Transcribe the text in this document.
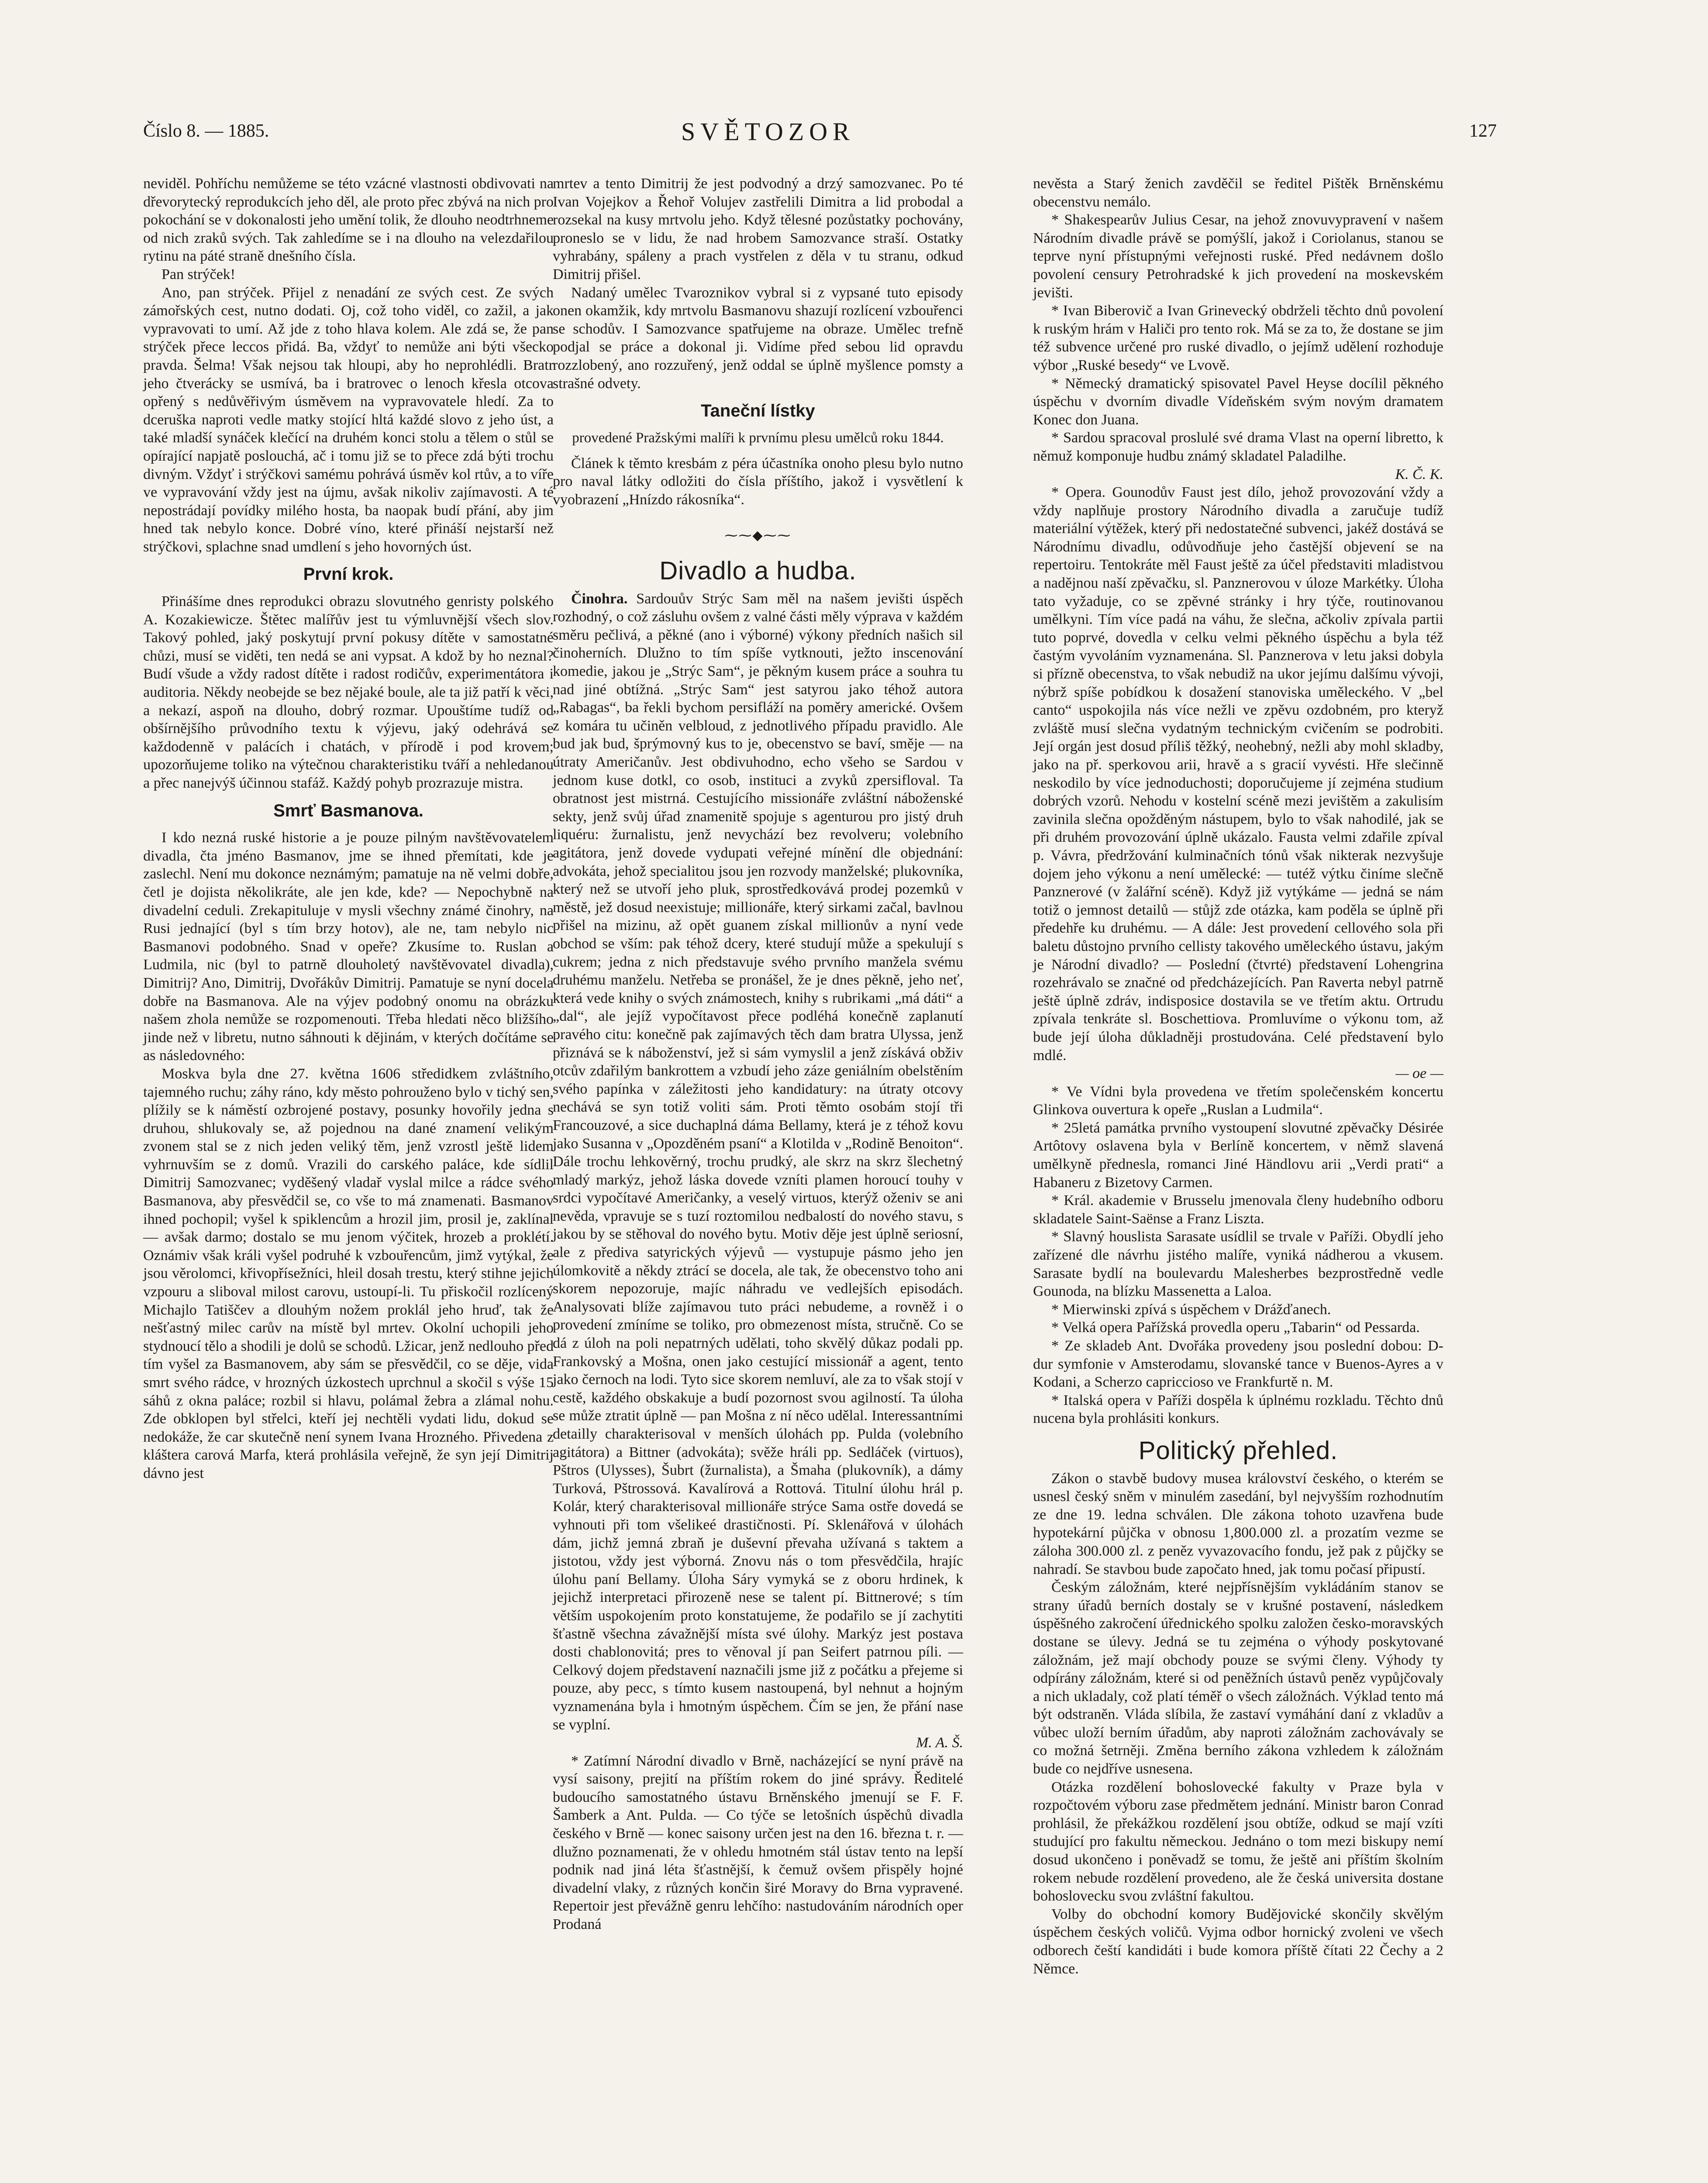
Číslo 8. — 1885.	SVĚTOZOR	127

neviděl. Pohříchu nemůžeme se této vzácné vlastnosti obdivovati na dřevorytecký reprodukcích jeho děl, ale proto přec zbývá na nich pro pokochání se v dokonalosti jeho umění tolik, že dlouho neodtrhneme od nich zraků svých. Tak zahledíme se i na dlouho na velezdařilou rytinu na páté straně dnešního čísla.

Pan strýček!

Ano, pan strýček. Přijel z nenadání ze svých cest. Ze svých zámořských cest, nutno dodati. Oj, což toho viděl, co zažil, a jak vypravovati to umí. Až jde z toho hlava kolem. Ale zdá se, že pan strýček přece leccos přidá. Ba, vždyť to nemůže ani býti všecko pravda. Šelma! Však nejsou tak hloupi, aby ho neprohlédli. Bratr jeho čtverácky se usmívá, ba i bratrovec o lenoch křesla otcova opřený s nedůvěřivým úsměvem na vypravovatele hledí. Za to dceruška naproti vedle matky stojící hltá každé slovo z jeho úst, a také mladší synáček klečící na druhém konci stolu a tělem o stůl se opírající napjatě poslouchá, ač i tomu již se to přece zdá býti trochu divným. Vždyť i strýčkovi samému pohrává úsměv kol rtův, a to víře ve vypravování vždy jest na újmu, avšak nikoliv zajímavosti. A té nepostrádají povídky milého hosta, ba naopak budí přání, aby jim hned tak nebylo konce. Dobré víno, které přináší nejstarší než strýčkovi, splachne snad umdlení s jeho hovorných úst.

První krok.

Přinášíme dnes reprodukci obrazu slovutného genristy polského A. Kozakiewicze. Štětec malířův jest tu výmluvnější všech slov. Takový pohled, jaký poskytují první pokusy dítěte v samostatné chůzi, musí se viděti, ten nedá se ani vypsat. A kdož by ho neznal? Budí všude a vždy radost dítěte i radost rodičův, experimentátora i auditoria. Někdy neobejde se bez nějaké boule, ale ta již patří k věci, a nekazí, aspoň na dlouho, dobrý rozmar. Upouštíme tudíž od obšírnějšího průvodního textu k výjevu, jaký odehrává se každodenně v palácích i chatách, v přírodě i pod krovem; upozorňujeme toliko na výtečnou charakteristiku tváří a nehledanou a přec nanejvýš účinnou stafáž. Každý pohyb prozrazuje mistra.

Smrť Basmanova.

I kdo nezná ruské historie a je pouze pilným navštěvovatelem divadla, čta jméno Basmanov, jme se ihned přemítati, kde je zaslechl. Není mu dokonce neznámým; pamatuje na ně velmi dobře, četl je dojista několikráte, ale jen kde, kde? — Nepochybně na divadelní ceduli. Zrekapituluje v mysli všechny známé činohry, na Rusi jednající (byl s tím brzy hotov), ale ne, tam nebylo nic Basmanovi podobného. Snad v opeře? Zkusíme to. Ruslan a Ludmila, nic (byl to patrně dlouholetý navštěvovatel divadla), Dimitrij? Ano, Dimitrij, Dvořákův Dimitrij. Pamatuje se nyní docela dobře na Basmanova. Ale na výjev podobný onomu na obrázku našem zhola nemůže se rozpomenouti. Třeba hledati něco bližšího jinde než v libretu, nutno sáhnouti k dějinám, v kterých dočítáme se as následovného:

Moskva byla dne 27. května 1606 středidkem zvláštního, tajemného ruchu; záhy ráno, kdy město pohrouženo bylo v tichý sen, plížily se k náměstí ozbrojené postavy, posunky hovořily jedna s druhou, shlukovaly se, až pojednou na dané znamení velikým zvonem stal se z nich jeden veliký těm, jenž vzrostl ještě lidem vyhrnuvším se z domů. Vrazili do carského paláce, kde sídlil Dimitrij Samozvanec; vyděšený vladař vyslal milce a rádce svého Basmanova, aby přesvědčil se, co vše to má znamenati. Basmanov ihned pochopil; vyšel k spiklencům a hrozil jim, prosil je, zaklínal — avšak darmo; dostalo se mu jenom výčitek, hrozeb a proklétí. Oznámiv však králi vyšel podruhé k vzbouřencům, jimž vytýkal, že jsou věrolomci, křivopřísežníci, hleil dosah trestu, který stihne jejich vzpouru a sliboval milost carovu, ustoupí-li. Tu přiskočil rozlícený Michajlo Tatiščev a dlouhým nožem proklál jeho hruď, tak že nešťastný milec carův na místě byl mrtev. Okolní uchopili jeho stydnoucí tělo a shodili je dolů se schodů. Lžicar, jenž nedlouho před tím vyšel za Basmanovem, aby sám se přesvědčil, co se děje, vida smrt svého rádce, v hrozných úzkostech uprchnul a skočil s výše 15 sáhů z okna paláce; rozbil si hlavu, polámal žebra a zlámal nohu. Zde obklopen byl střelci, kteří jej nechtěli vydati lidu, dokud se nedokáže, že car skutečně není synem Ivana Hrozného. Přivedena z kláštera carová Marfa, která prohlásila veřejně, že syn její Dimitrij dávno jest

mrtev a tento Dimitrij že jest podvodný a drzý samozvanec. Po té Ivan Vojejkov a Řehoř Volujev zastřelili Dimitra a lid probodal a rozsekal na kusy mrtvolu jeho. Když tělesné pozůstatky pochovány, proneslo se v lidu, že nad hrobem Samozvance straší. Ostatky vyhrabány, spáleny a prach vystřelen z děla v tu stranu, odkud Dimitrij přišel.

Nadaný umělec Tvaroznikov vybral si z vypsané tuto episody onen okamžik, kdy mrtvolu Basmanovu shazují rozlícení vzbouřenci se schodův. I Samozvance spatřujeme na obraze. Umělec trefně podjal se práce a dokonal ji. Vidíme před sebou lid opravdu rozzlobený, ano rozzuřený, jenž oddal se úplně myšlence pomsty a strašné odvety.

Taneční lístky
provedené Pražskými malíři k prvnímu plesu umělců roku 1844.

Článek k těmto kresbám z péra účastníka onoho plesu bylo nutno pro naval látky odložiti do čísla příštího, jakož i vysvětlení k vyobrazení „Hnízdo rákosníka“.

⁓⁓◆⁓⁓
Divadlo a hudba.

Činohra. Sardouův Strýc Sam měl na našem jevišti úspěch rozhodný, o což zásluhu ovšem z valné části měly výprava v každém směru pečlivá, a pěkné (ano i výborné) výkony předních našich sil činoherních. Dlužno to tím spíše vytknouti, ježto inscenování komedie, jakou je „Strýc Sam“, je pěkným kusem práce a souhra tu nad jiné obtížná. „Strýc Sam“ jest satyrou jako téhož autora „Rabagas“, ba řekli bychom persifláží na poměry americké. Ovšem z komára tu učiněn velbloud, z jednotlivého případu pravidlo. Ale bud jak bud, šprýmovný kus to je, obecenstvo se baví, směje — na útraty Američanův. Jest obdivuhodno, echo všeho se Sardou v jednom kuse dotkl, co osob, instituci a zvyků zpersifloval. Ta obratnost jest mistrná. Cestujícího missionáře zvláštní náboženské sekty, jenž svůj úřad znamenitě spojuje s agenturou pro jistý druh liquéru: žurnalistu, jenž nevychází bez revolveru; volebního agitátora, jenž dovede vydupati veřejné mínění dle objednání: advokáta, jehož specialitou jsou jen rozvody manželské; plukovníka, který než se utvoří jeho pluk, sprostředkovává prodej pozemků v městě, jež dosud neexistuje; millionáře, který sirkami začal, bavlnou přišel na mizinu, až opět guanem získal millionův a nyní vede obchod se vším: pak téhož dcery, které studují může a spekulují s cukrem; jedna z nich představuje svého prvního manžela svému druhému manželu. Netřeba se pronášel, že je dnes pěkně, jeho neť, která vede knihy o svých známostech, knihy s rubrikami „má dáti“ a „dal“, ale jejíž vypočítavost přece podléhá konečně zaplanutí pravého citu: konečně pak zajímavých těch dam bratra Ulyssa, jenž přiznává se k náboženství, jež si sám vymyslil a jenž získává obživ otcův zdařilým bankrottem a vzbudí jeho záze geniálním obelstěním svého papínka v záležitosti jeho kandidatury: na útraty otcovy nechává se syn totiž voliti sám. Proti těmto osobám stojí tři Francouzové, a sice duchaplná dáma Bellamy, která je z téhož kovu jako Susanna v „Opozděném psaní“ a Klotilda v „Rodině Benoiton“. Dále trochu lehkověrný, trochu prudký, ale skrz na skrz šlechetný mladý markýz, jehož láska dovede vzníti plamen horoucí touhy v srdci vypočítavé Američanky, a veselý virtuos, kterýž oženiv se ani nevěda, vpravuje se s tuzí roztomilou nedbalostí do nového stavu, s jakou by se stěhoval do nového bytu. Motiv děje jest úplně seriosní, ale z přediva satyrických výjevů — vystupuje pásmo jeho jen úlomkovitě a někdy ztrácí se docela, ale tak, že obecenstvo toho ani skorem nepozoruje, majíc náhradu ve vedlejších episodách. Analysovati blíže zajímavou tuto práci nebudeme, a rovněž i o provedení zmíníme se toliko, pro obmezenost místa, stručně. Co se dá z úloh na poli nepatrných udělati, toho skvělý důkaz podali pp. Frankovský a Mošna, onen jako cestující missionář a agent, tento jako černoch na lodi. Tyto sice skorem nemluví, ale za to však stojí v cestě, každého obskakuje a budí pozornost svou agilností. Ta úloha se může ztratit úplně — pan Mošna z ní něco udělal. Interessantními detailly charakterisoval v menších úlohách pp. Pulda (volebního agitátora) a Bittner (advokáta); svěže hráli pp. Sedláček (virtuos), Pštros (Ulysses), Šubrt (žurnalista), a Šmaha (plukovník), a dámy Turková, Pštrossová. Kavalírová a Rottová. Titulní úlohu hrál p. Kolár, který charakterisoval millionáře strýce Sama ostře dovedá se vyhnouti při tom všelikeé drastičnosti. Pí. Sklenářová v úlohách dám, jichž jemná zbraň je duševní převaha užívaná s taktem a jistotou, vždy jest výborná. Znovu nás o tom přesvědčila, hrajíc úlohu paní Bellamy. Úloha Sáry vymyká se z oboru hrdinek, k jejichž interpretaci přirozeně nese se talent pí. Bittnerové; s tím větším uspokojením proto konstatujeme, že podařilo se jí zachytiti šťastně všechna závažnější místa své úlohy. Markýz jest postava dosti chablonovitá; pres to věnoval jí pan Seifert patrnou píli. — Celkový dojem představení naznačili jsme již z počátku a přejeme si pouze, aby pecc, s tímto kusem nastoupená, byl nehnut a hojným vyznamenána byla i hmotným úspěchem. Čím se jen, že přání nase se vyplní.

M. A. Š.

* Zatímní Národní divadlo v Brně, nacházející se nyní právě na vysí saisony, prejití na příštím rokem do jiné správy. Ředitelé budoucího samostatného ústavu Brněnského jmenují se F. F. Šamberk a Ant. Pulda. — Co týče se letošních úspěchů divadla českého v Brně — konec saisony určen jest na den 16. března t. r. — dlužno poznamenati, že v ohledu hmotném stál ústav tento na lepší podnik nad jiná léta šťastnější, k čemuž ovšem přispěly hojné divadelní vlaky, z různých končin širé Moravy do Brna vypravené. Repertoir jest převážně genru lehčího: nastudováním národních oper Prodaná

nevěsta a Starý ženich zavděčil se ředitel Pištěk Brněnskému obecenstvu nemálo.

* Shakespearův Julius Cesar, na jehož znovuvypravení v našem Národním divadle právě se pomýšlí, jakož i Coriolanus, stanou se teprve nyní přístupnými veřejnosti ruské. Před nedávnem došlo povolení censury Petrohradské k jich provedení na moskevském jevišti.

* Ivan Biberovič a Ivan Grinevecký obdrželi těchto dnů povolení k ruským hrám v Haliči pro tento rok. Má se za to, že dostane se jim též subvence určené pro ruské divadlo, o jejímž udělení rozhoduje výbor „Ruské besedy“ ve Lvově.

* Německý dramatický spisovatel Pavel Heyse docílil pěkného úspěchu v dvorním divadle Vídeňském svým novým dramatem Konec don Juana.

* Sardou spracoval proslulé své drama Vlast na operní libretto, k němuž komponuje hudbu známý skladatel Paladilhe.

K. Č. K.

* Opera. Gounodův Faust jest dílo, jehož provozování vždy a vždy naplňuje prostory Národního divadla a zaručuje tudíž materiální výtěžek, který při nedostatečné subvenci, jakéž dostává se Národnímu divadlu, odůvodňuje jeho častější objevení se na repertoiru. Tentokráte měl Faust ještě za účel představiti mladistvou a nadějnou naší zpěvačku, sl. Panznerovou v úloze Markétky. Úloha tato vyžaduje, co se zpěvné stránky i hry týče, routinovanou umělkyni. Tím více padá na váhu, že slečna, ačkoliv zpívala partii tuto poprvé, dovedla v celku velmi pěkného úspěchu a byla též častým vyvoláním vyznamenána. Sl. Panznerova v letu jaksi dobyla si přízně obecenstva, to však nebudiž na ukor jejímu dalšímu vývoji, nýbrž spíše pobídkou k dosažení stanoviska uměleckého. V „bel canto“ uspokojila nás více nežli ve zpěvu ozdobném, pro kteryž zvláště musí slečna vydatným technickým cvičením se podrobiti. Její orgán jest dosud příliš těžký, neohebný, nežli aby mohl skladby, jako na př. sperkovou arii, hravě a s gracií vyvésti. Hře slečinně neskodilo by více jednoduchosti; doporučujeme jí zejména studium dobrých vzorů. Nehodu v kostelní scéně mezi jevištěm a zakulisím zavinila slečna opožděným nástupem, bylo to však nahodilé, jak se při druhém provozování úplně ukázalo. Fausta velmi zdařile zpíval p. Vávra, předržování kulminačních tónů však nikterak nezvyšuje dojem jeho výkonu a není umělecké: — tutéž výtku činíme slečně Panznerové (v žalářní scéně). Když již vytýkáme — jedná se nám totiž o jemnost detailů — stůjž zde otázka, kam poděla se úplně při předehře ku druhému. — A dále: Jest provedení cellového sola při baletu důstojno prvního cellisty takového uměleckého ústavu, jakým je Národní divadlo? — Poslední (čtvrté) představení Lohengrina rozehrávalo se značné od předcházejících. Pan Raverta nebyl patrně ještě úplně zdráv, indisposice dostavila se ve třetím aktu. Ortrudu zpívala tenkráte sl. Boschettiova. Promluvíme o výkonu tom, až bude její úloha důkladněji prostudována. Celé představení bylo mdlé.

— oe —

* Ve Vídni byla provedena ve třetím společenském koncertu Glinkova ouvertura k opeře „Ruslan a Ludmila“.

* 25letá památka prvního vystoupení slovutné zpěvačky Désirée Artôtovy oslavena byla v Berlíně koncertem, v němž slavená umělkyně přednesla, romanci Jiné Händlovu arii „Verdi prati“ a Habaneru z Bizetovy Carmen.

* Král. akademie v Brusselu jmenovala členy hudebního odboru skladatele Saint-Saënse a Franz Liszta.

* Slavný houslista Sarasate usídlil se trvale v Paříži. Obydlí jeho zařízené dle návrhu jistého malíře, vyniká nádherou a vkusem. Sarasate bydlí na boulevardu Malesherbes bezprostředně vedle Gounoda, na blízku Massenetta a Laloa.

* Mierwinski zpívá s úspěchem v Drážďanech.

* Velká opera Pařížská provedla operu „Tabarin“ od Pessarda.

* Ze skladeb Ant. Dvořáka provedeny jsou poslední dobou: D-dur symfonie v Amsterodamu, slovanské tance v Buenos-Ayres a v Kodani, a Scherzo capriccioso ve Frankfurtě n. M.

* Italská opera v Paříži dospěla k úplnému rozkladu. Těchto dnů nucena byla prohlásiti konkurs.

Politický přehled.

Zákon o stavbě budovy musea království českého, o kterém se usnesl český sněm v minulém zasedání, byl nejvyšším rozhodnutím ze dne 19. ledna schválen. Dle zákona tohoto uzavřena bude hypotekární půjčka v obnosu 1,800.000 zl. a prozatím vezme se záloha 300.000 zl. z peněz vyvazovacího fondu, jež pak z půjčky se nahradí. Se stavbou bude započato hned, jak tomu počasí připustí.

Českým záložnám, které nejpřísnějším vykládáním stanov se strany úřadů berních dostaly se v krušné postavení, následkem úspěšného zakročení úřednického spolku založen česko-moravských dostane se úlevy. Jedná se tu zejména o výhody poskytované záložnám, jež mají obchody pouze se svými členy. Výhody ty odpírány záložnám, které si od peněžních ústavů peněz vypůjčovaly a nich ukladaly, což platí téměř o všech záložnách. Výklad tento má být odstraněn. Vláda slíbila, že zastaví vymáhání daní z vkladův a vůbec uloží berním úřadům, aby naproti záložnám zachovávaly se co možná šetrněji. Změna berního zákona vzhledem k záložnám bude co nejdříve usnesena.

Otázka rozdělení bohoslovecké fakulty v Praze byla v rozpočtovém výboru zase předmětem jednání. Ministr baron Conrad prohlásil, že překážkou rozdělení jsou obtíže, odkud se mají vzíti studující pro fakultu německou. Jednáno o tom mezi biskupy nemí dosud ukončeno i poněvadž se tomu, že ještě ani příštím školním rokem nebude rozdělení provedeno, ale že česká universita dostane bohoslovecku svou zvláštní fakultou.

Volby do obchodní komory Budějovické skončily skvělým úspěchem českých voličů. Vyjma odbor hornický zvoleni ve všech odborech čeští kandidáti i bude komora příště čítati 22 Čechy a 2 Němce.
